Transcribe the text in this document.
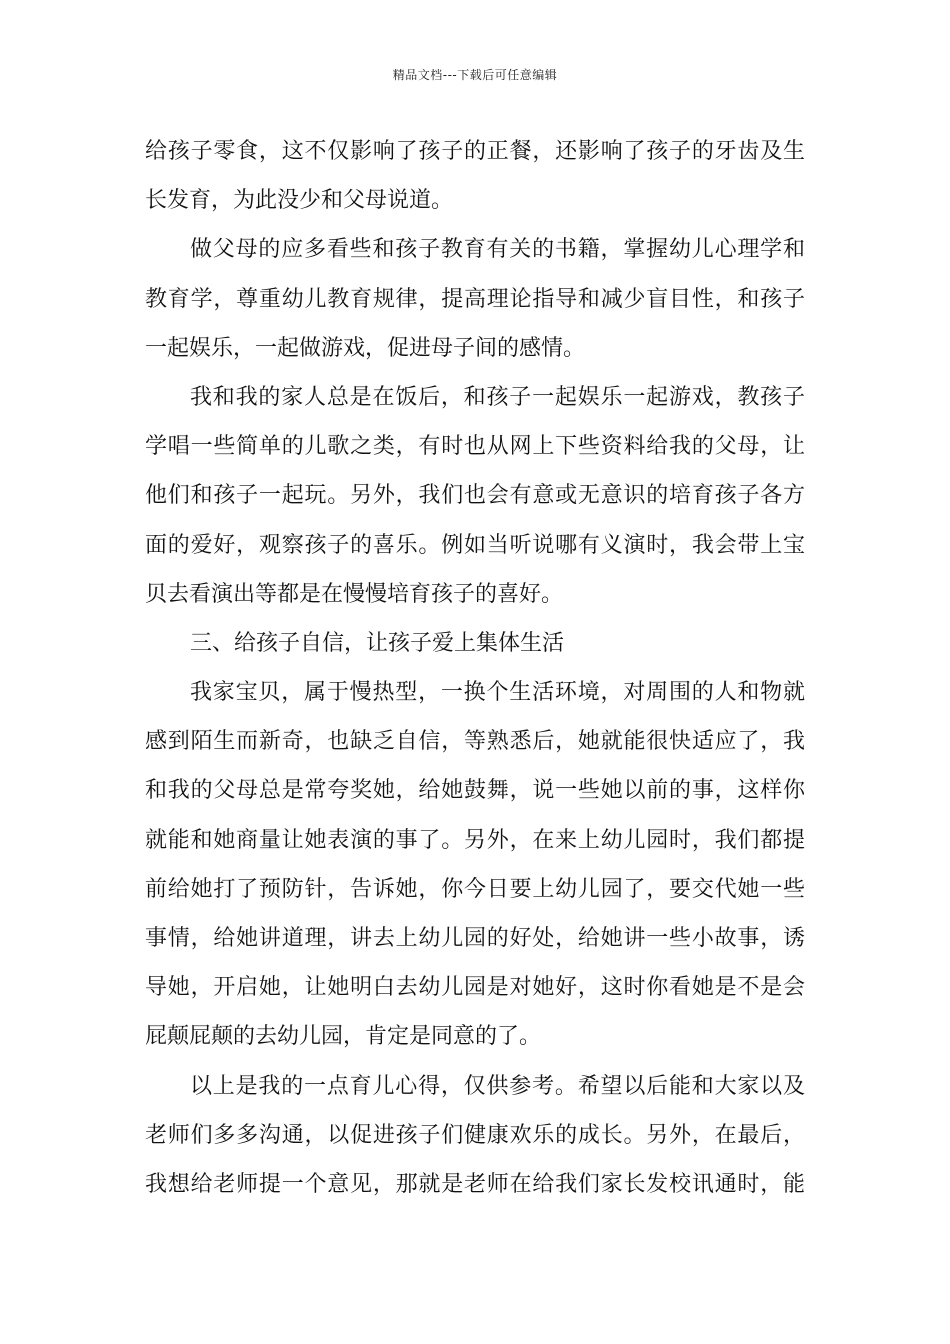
精品文档---下载后可任意编辑
给孩子零食，这不仅影响了孩子的正餐，还影响了孩子的牙齿及生
长发育，为此没少和父母说道。
做父母的应多看些和孩子教育有关的书籍，掌握幼儿心理学和
教育学，尊重幼儿教育规律，提高理论指导和减少盲目性，和孩子
一起娱乐，一起做游戏，促进母子间的感情。
我和我的家人总是在饭后，和孩子一起娱乐一起游戏，教孩子
学唱一些简单的儿歌之类，有时也从网上下些资料给我的父母，让
他们和孩子一起玩。另外，我们也会有意或无意识的培育孩子各方
面的爱好，观察孩子的喜乐。例如当听说哪有义演时，我会带上宝
贝去看演出等都是在慢慢培育孩子的喜好。
三、给孩子自信，让孩子爱上集体生活
我家宝贝，属于慢热型，一换个生活环境，对周围的人和物就
感到陌生而新奇，也缺乏自信，等熟悉后，她就能很快适应了，我
和我的父母总是常夸奖她，给她鼓舞，说一些她以前的事，这样你
就能和她商量让她表演的事了。另外，在来上幼儿园时，我们都提
前给她打了预防针，告诉她，你今日要上幼儿园了，要交代她一些
事情，给她讲道理，讲去上幼儿园的好处，给她讲一些小故事，诱
导她，开启她，让她明白去幼儿园是对她好，这时你看她是不是会
屁颠屁颠的去幼儿园，肯定是同意的了。
以上是我的一点育儿心得，仅供参考。希望以后能和大家以及
老师们多多沟通，以促进孩子们健康欢乐的成长。另外，在最后，
我想给老师提一个意见，那就是老师在给我们家长发校讯通时，能
